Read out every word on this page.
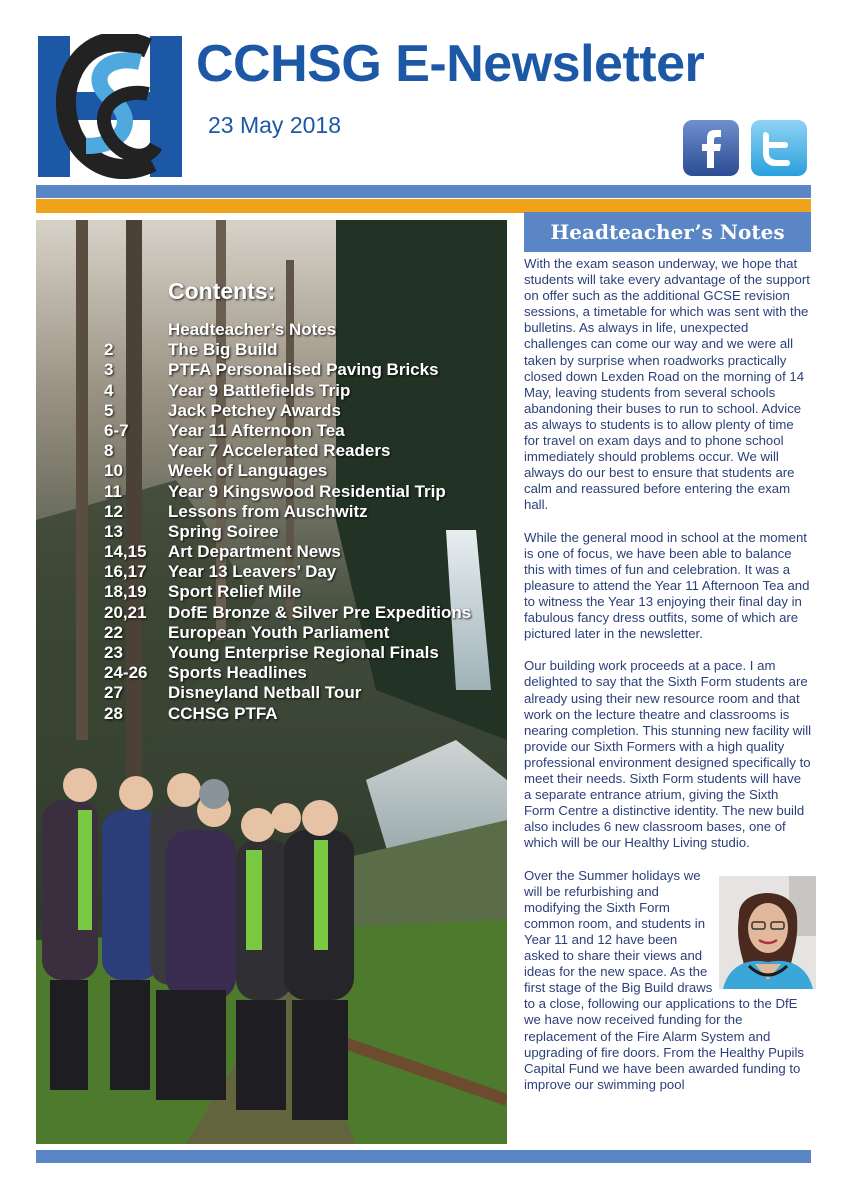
CCHSG E-Newsletter
23 May 2018
Contents:
Headteacher’s Notes
2	The Big Build
3	PTFA Personalised Paving Bricks
4	Year 9 Battlefields Trip
5	Jack Petchey Awards
6-7 Year 11 Afternoon Tea
8	Year 7 Accelerated Readers
10	Week of Languages
11	Year 9 Kingswood Residential Trip
12	Lessons from Auschwitz
13	Spring Soiree
14,15 Art Department News
16,17 Year 13 Leavers’ Day
18,19 Sport Relief Mile
20,21 DofE Bronze & Silver Pre Expeditions
22	European Youth Parliament
23	Young Enterprise Regional Finals
24-26 Sports Headlines
27	Disneyland Netball Tour
28	CCHSG PTFA
Headteacher’s Notes

With the exam season underway, we hope that students will take every advantage of the support on offer such as the additional GCSE revision sessions, a timetable for which was sent with the bulletins. As always in life, unexpected challenges can come our way and we were all taken by surprise when roadworks practically closed down Lexden Road on the morning of 14 May, leaving students from several schools abandoning their buses to run to school. Advice as always to students is to allow plenty of time for travel on exam days and to phone school immediately should problems occur. We will always do our best to ensure that students are calm and reassured before entering the exam hall.

While the general mood in school at the moment is one of focus, we have been able to balance this with times of fun and celebration. It was a pleasure to attend the Year 11 Afternoon Tea and to witness the Year 13 enjoying their final day in fabulous fancy dress outfits, some of which are pictured later in the newsletter.

Our building work proceeds at a pace. I am delighted to say that the Sixth Form students are already using their new resource room and that work on the lecture theatre and classrooms is nearing completion. This stunning new facility will provide our Sixth Formers with a high quality professional environment designed specifically to meet their needs. Sixth Form students will have a separate entrance atrium, giving the Sixth Form Centre a distinctive identity. The new build also includes 6 new classroom bases, one of which will be our Healthy Living studio.

Over the Summer holidays we will be refurbishing and modifying the Sixth Form common room, and students in Year 11 and 12 have been asked to share their views and ideas for the new space. As the first stage of the Big Build draws to a close, following our applications to the DfE we have now received funding for the replacement of the Fire Alarm System and upgrading of fire doors. From the Healthy Pupils Capital Fund we have been awarded funding to improve our swimming pool
